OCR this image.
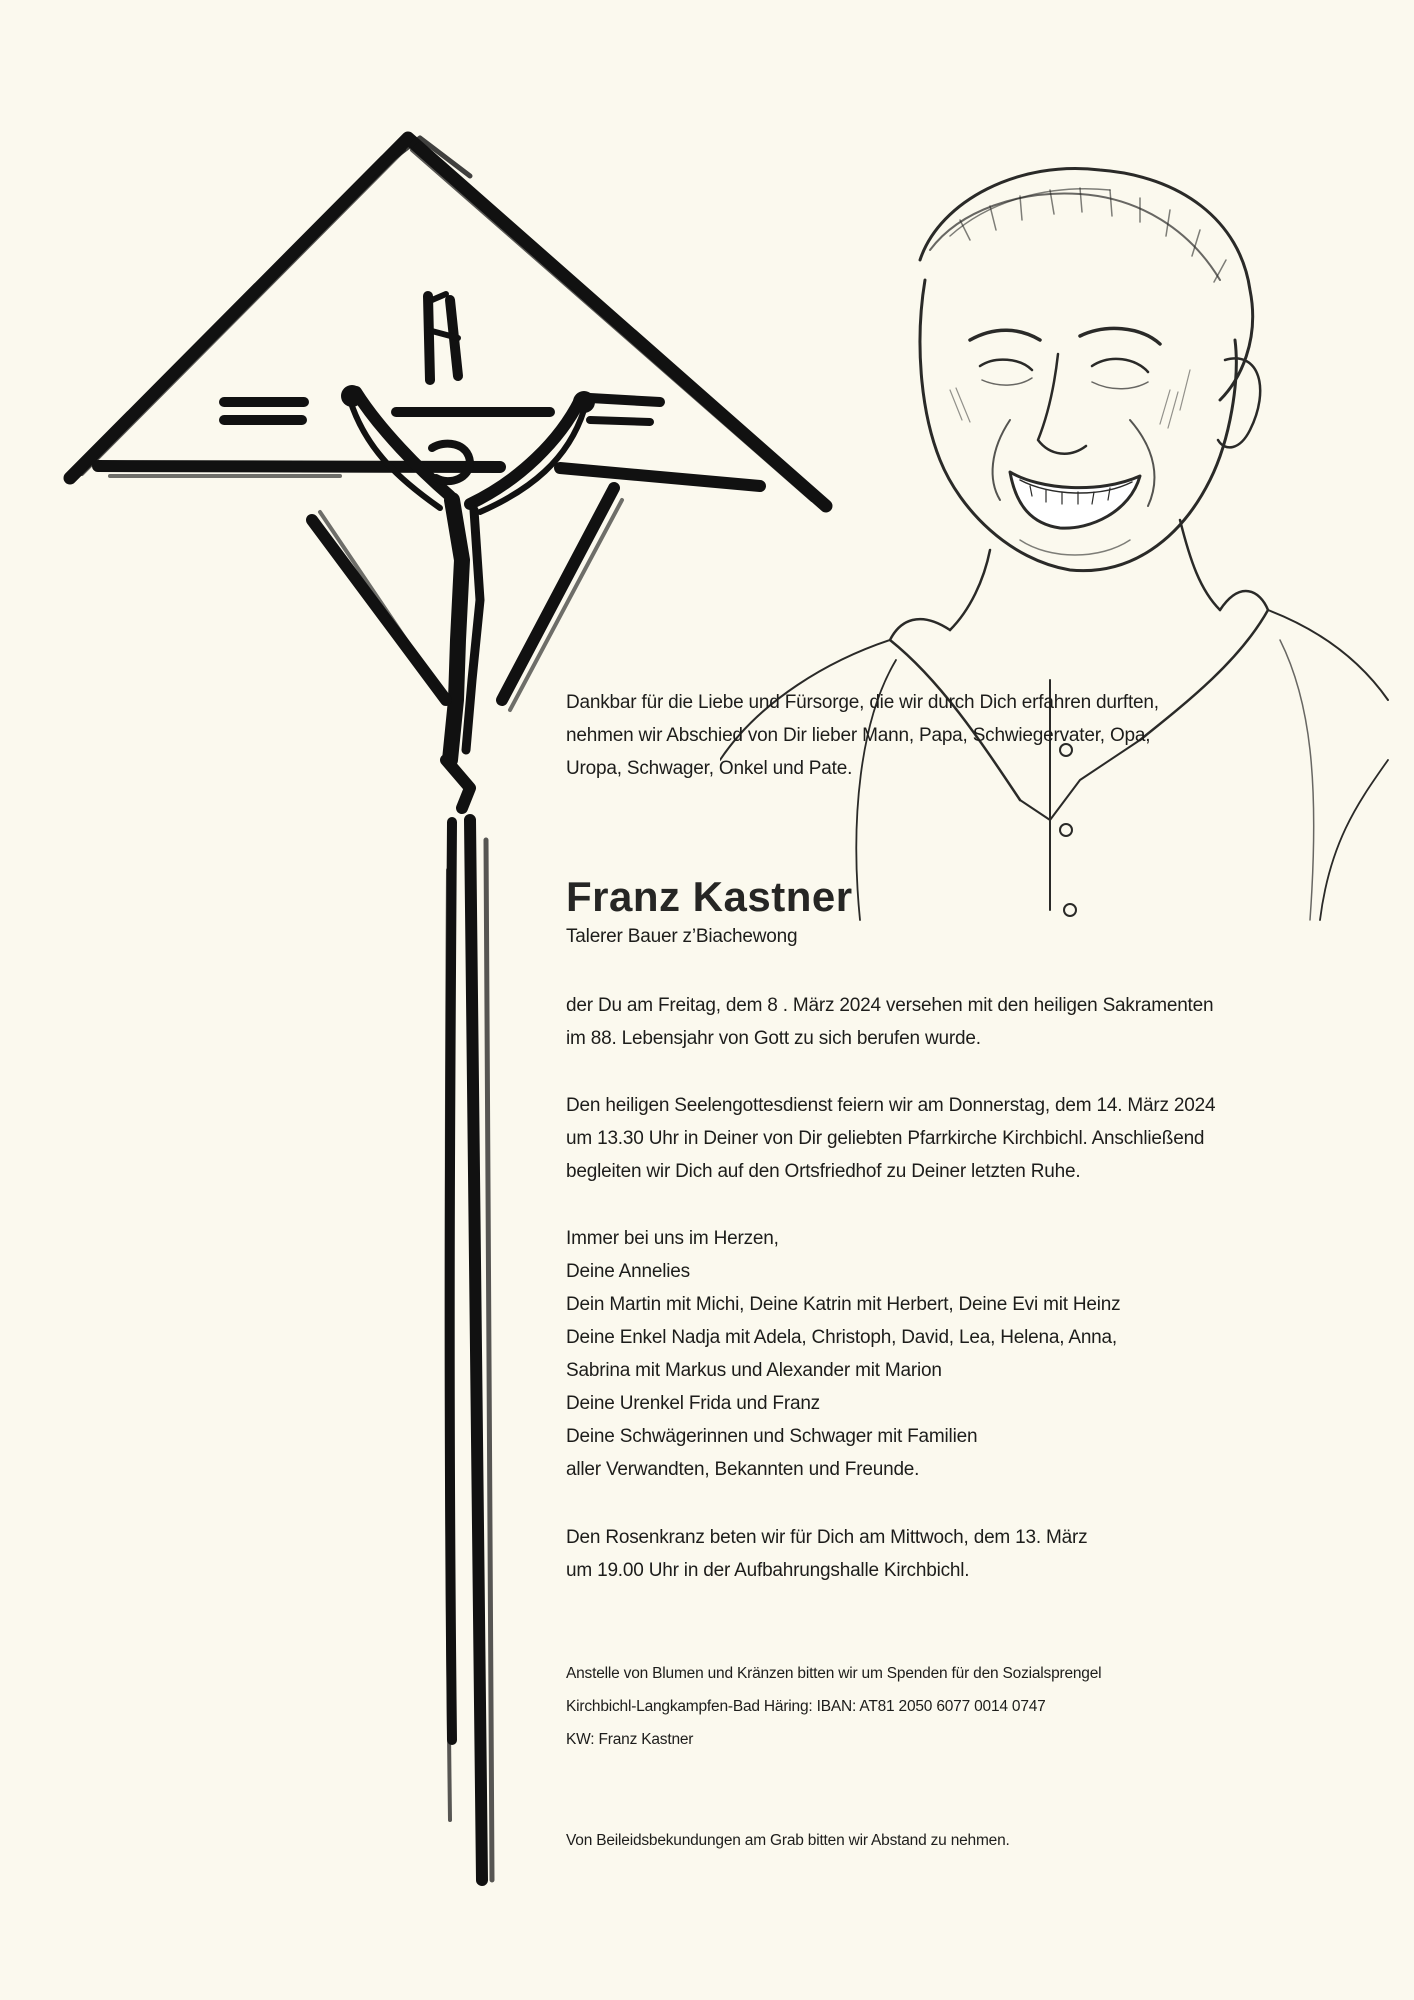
Dankbar für die Liebe und Fürsorge, die wir durch Dich erfahren durften,

nehmen wir Abschied von Dir lieber Mann, Papa, Schwiegervater, Opa,

Uropa, Schwager, Onkel und Pate.

Franz Kastner

Talerer Bauer z’Biachewong

der Du am Freitag, dem 8 . März 2024 versehen mit den heiligen Sakramenten

im 88. Lebensjahr von Gott zu sich berufen wurde.

Den heiligen Seelengottesdienst feiern wir am Donnerstag, dem 14. März 2024

um 13.30 Uhr in Deiner von Dir geliebten Pfarrkirche Kirchbichl. Anschließend

begleiten wir Dich auf den Ortsfriedhof zu Deiner letzten Ruhe.

Immer bei uns im Herzen,

Deine Annelies

Dein Martin mit Michi, Deine Katrin mit Herbert, Deine Evi mit Heinz

Deine Enkel Nadja mit Adela, Christoph, David, Lea, Helena, Anna,

Sabrina mit Markus und Alexander mit Marion

Deine Urenkel Frida und Franz

Deine Schwägerinnen und Schwager mit Familien

aller Verwandten, Bekannten und Freunde.

Den Rosenkranz beten wir für Dich am Mittwoch, dem 13. März

um 19.00 Uhr in der Aufbahrungshalle Kirchbichl.

Anstelle von Blumen und Kränzen bitten wir um Spenden für den Sozialsprengel

Kirchbichl-Langkampfen-Bad Häring: IBAN: AT81 2050 6077 0014 0747

KW: Franz Kastner

Von Beileidsbekundungen am Grab bitten wir Abstand zu nehmen.
